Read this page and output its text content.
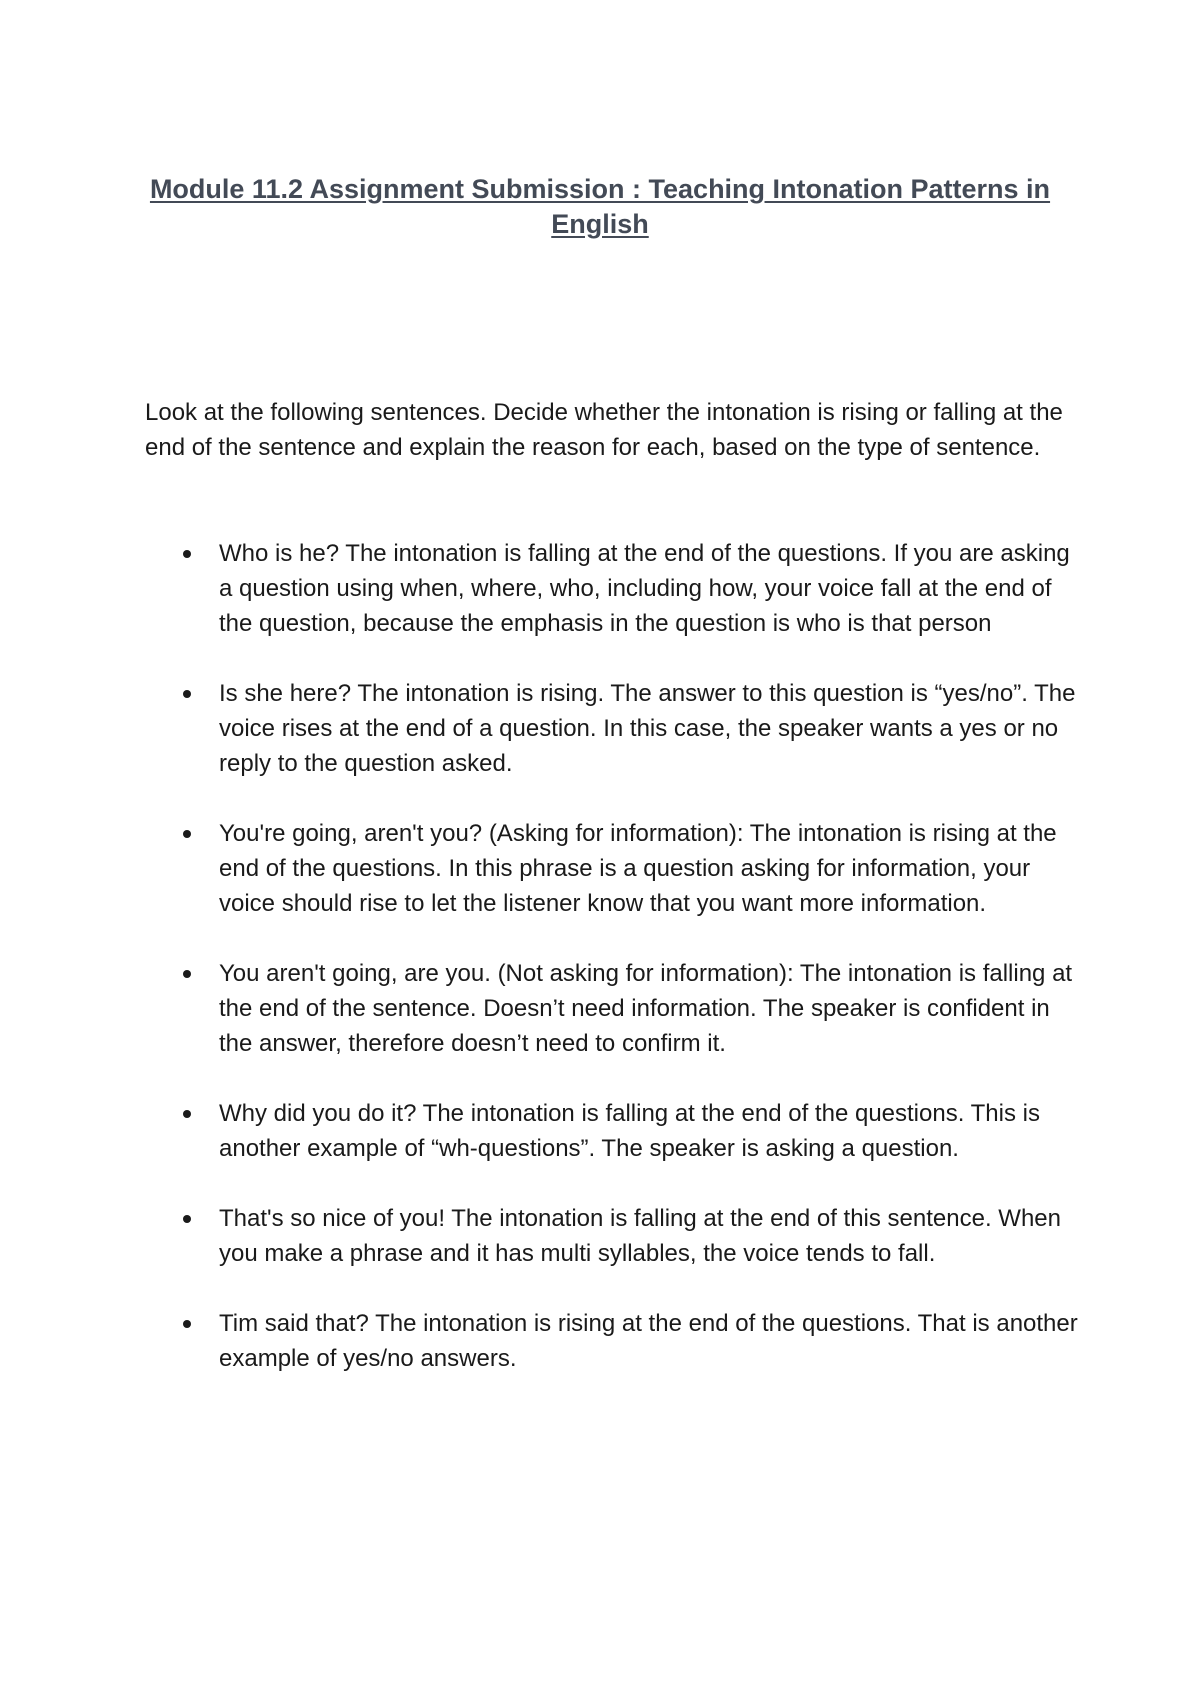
Module 11.2 Assignment Submission : Teaching Intonation Patterns in English

Look at the following sentences. Decide whether the intonation is rising or falling at the end of the sentence and explain the reason for each, based on the type of sentence.

Who is he? The intonation is falling at the end of the questions. If you are asking a question using when, where, who, including how, your voice fall at the end of the question, because the emphasis in the question is who is that person
Is she here? The intonation is rising. The answer to this question is “yes/no”. The voice rises at the end of a question. In this case, the speaker wants a yes or no reply to the question asked.
You're going, aren't you? (Asking for information): The intonation is rising at the end of the questions. In this phrase is a question asking for information, your voice should rise to let the listener know that you want more information.
You aren't going, are you. (Not asking for information): The intonation is falling at the end of the sentence. Doesn’t need information. The speaker is confident in the answer, therefore doesn’t need to confirm it.
Why did you do it? The intonation is falling at the end of the questions. This is another example of “wh-questions”. The speaker is asking a question.
That's so nice of you! The intonation is falling at the end of this sentence. When you make a phrase and it has multi syllables, the voice tends to fall.
Tim said that? The intonation is rising at the end of the questions. That is another example of yes/no answers.
